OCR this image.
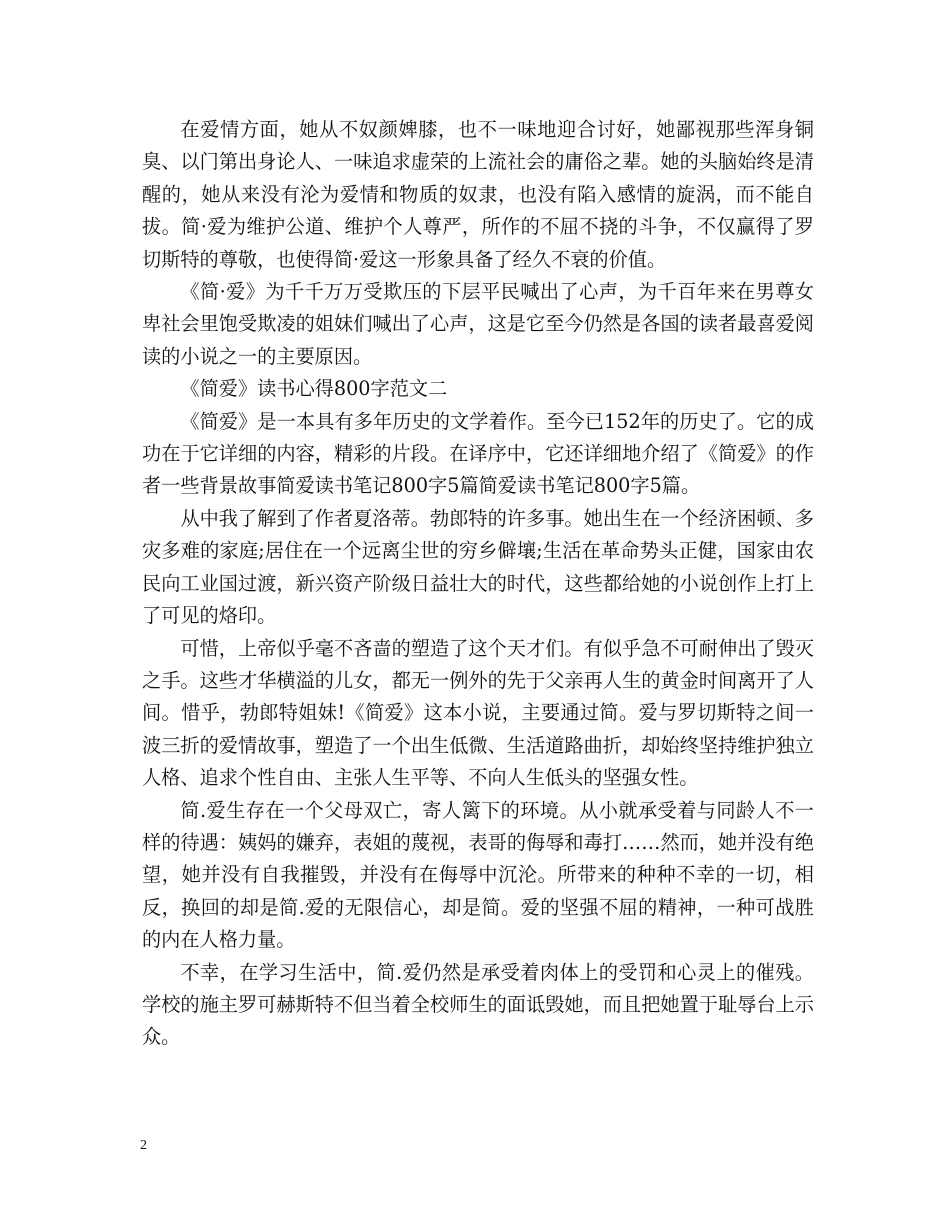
在爱情方面，她从不奴颜婢膝，也不一味地迎合讨好，她鄙视那些浑身铜臭、以门第出身论人、一味追求虚荣的上流社会的庸俗之辈。她的头脑始终是清醒的，她从来没有沦为爱情和物质的奴隶，也没有陷入感情的旋涡，而不能自拔。简·爱为维护公道、维护个人尊严，所作的不屈不挠的斗争，不仅赢得了罗切斯特的尊敬，也使得简·爱这一形象具备了经久不衰的价值。

《简·爱》为千千万万受欺压的下层平民喊出了心声，为千百年来在男尊女卑社会里饱受欺凌的姐妹们喊出了心声，这是它至今仍然是各国的读者最喜爱阅读的小说之一的主要原因。

《简爱》读书心得800字范文二

《简爱》是一本具有多年历史的文学着作。至今已152年的历史了。它的成功在于它详细的内容，精彩的片段。在译序中，它还详细地介绍了《简爱》的作者一些背景故事简爱读书笔记800字5篇简爱读书笔记800字5篇。

从中我了解到了作者夏洛蒂。勃郎特的许多事。她出生在一个经济困顿、多灾多难的家庭;居住在一个远离尘世的穷乡僻壤;生活在革命势头正健，国家由农民向工业国过渡，新兴资产阶级日益壮大的时代，这些都给她的小说创作上打上了可见的烙印。

可惜，上帝似乎毫不吝啬的塑造了这个天才们。有似乎急不可耐伸出了毁灭之手。这些才华横溢的儿女，都无一例外的先于父亲再人生的黄金时间离开了人间。惜乎，勃郎特姐妹!《简爱》这本小说，主要通过简。爱与罗切斯特之间一波三折的爱情故事，塑造了一个出生低微、生活道路曲折，却始终坚持维护独立人格、追求个性自由、主张人生平等、不向人生低头的坚强女性。

简.爱生存在一个父母双亡，寄人篱下的环境。从小就承受着与同龄人不一样的待遇：姨妈的嫌弃，表姐的蔑视，表哥的侮辱和毒打……然而，她并没有绝望，她并没有自我摧毁，并没有在侮辱中沉沦。所带来的种种不幸的一切，相反，换回的却是简.爱的无限信心，却是简。爱的坚强不屈的精神，一种可战胜的内在人格力量。

不幸，在学习生活中，简.爱仍然是承受着肉体上的受罚和心灵上的催残。学校的施主罗可赫斯特不但当着全校师生的面诋毁她，而且把她置于耻辱台上示众。

2
